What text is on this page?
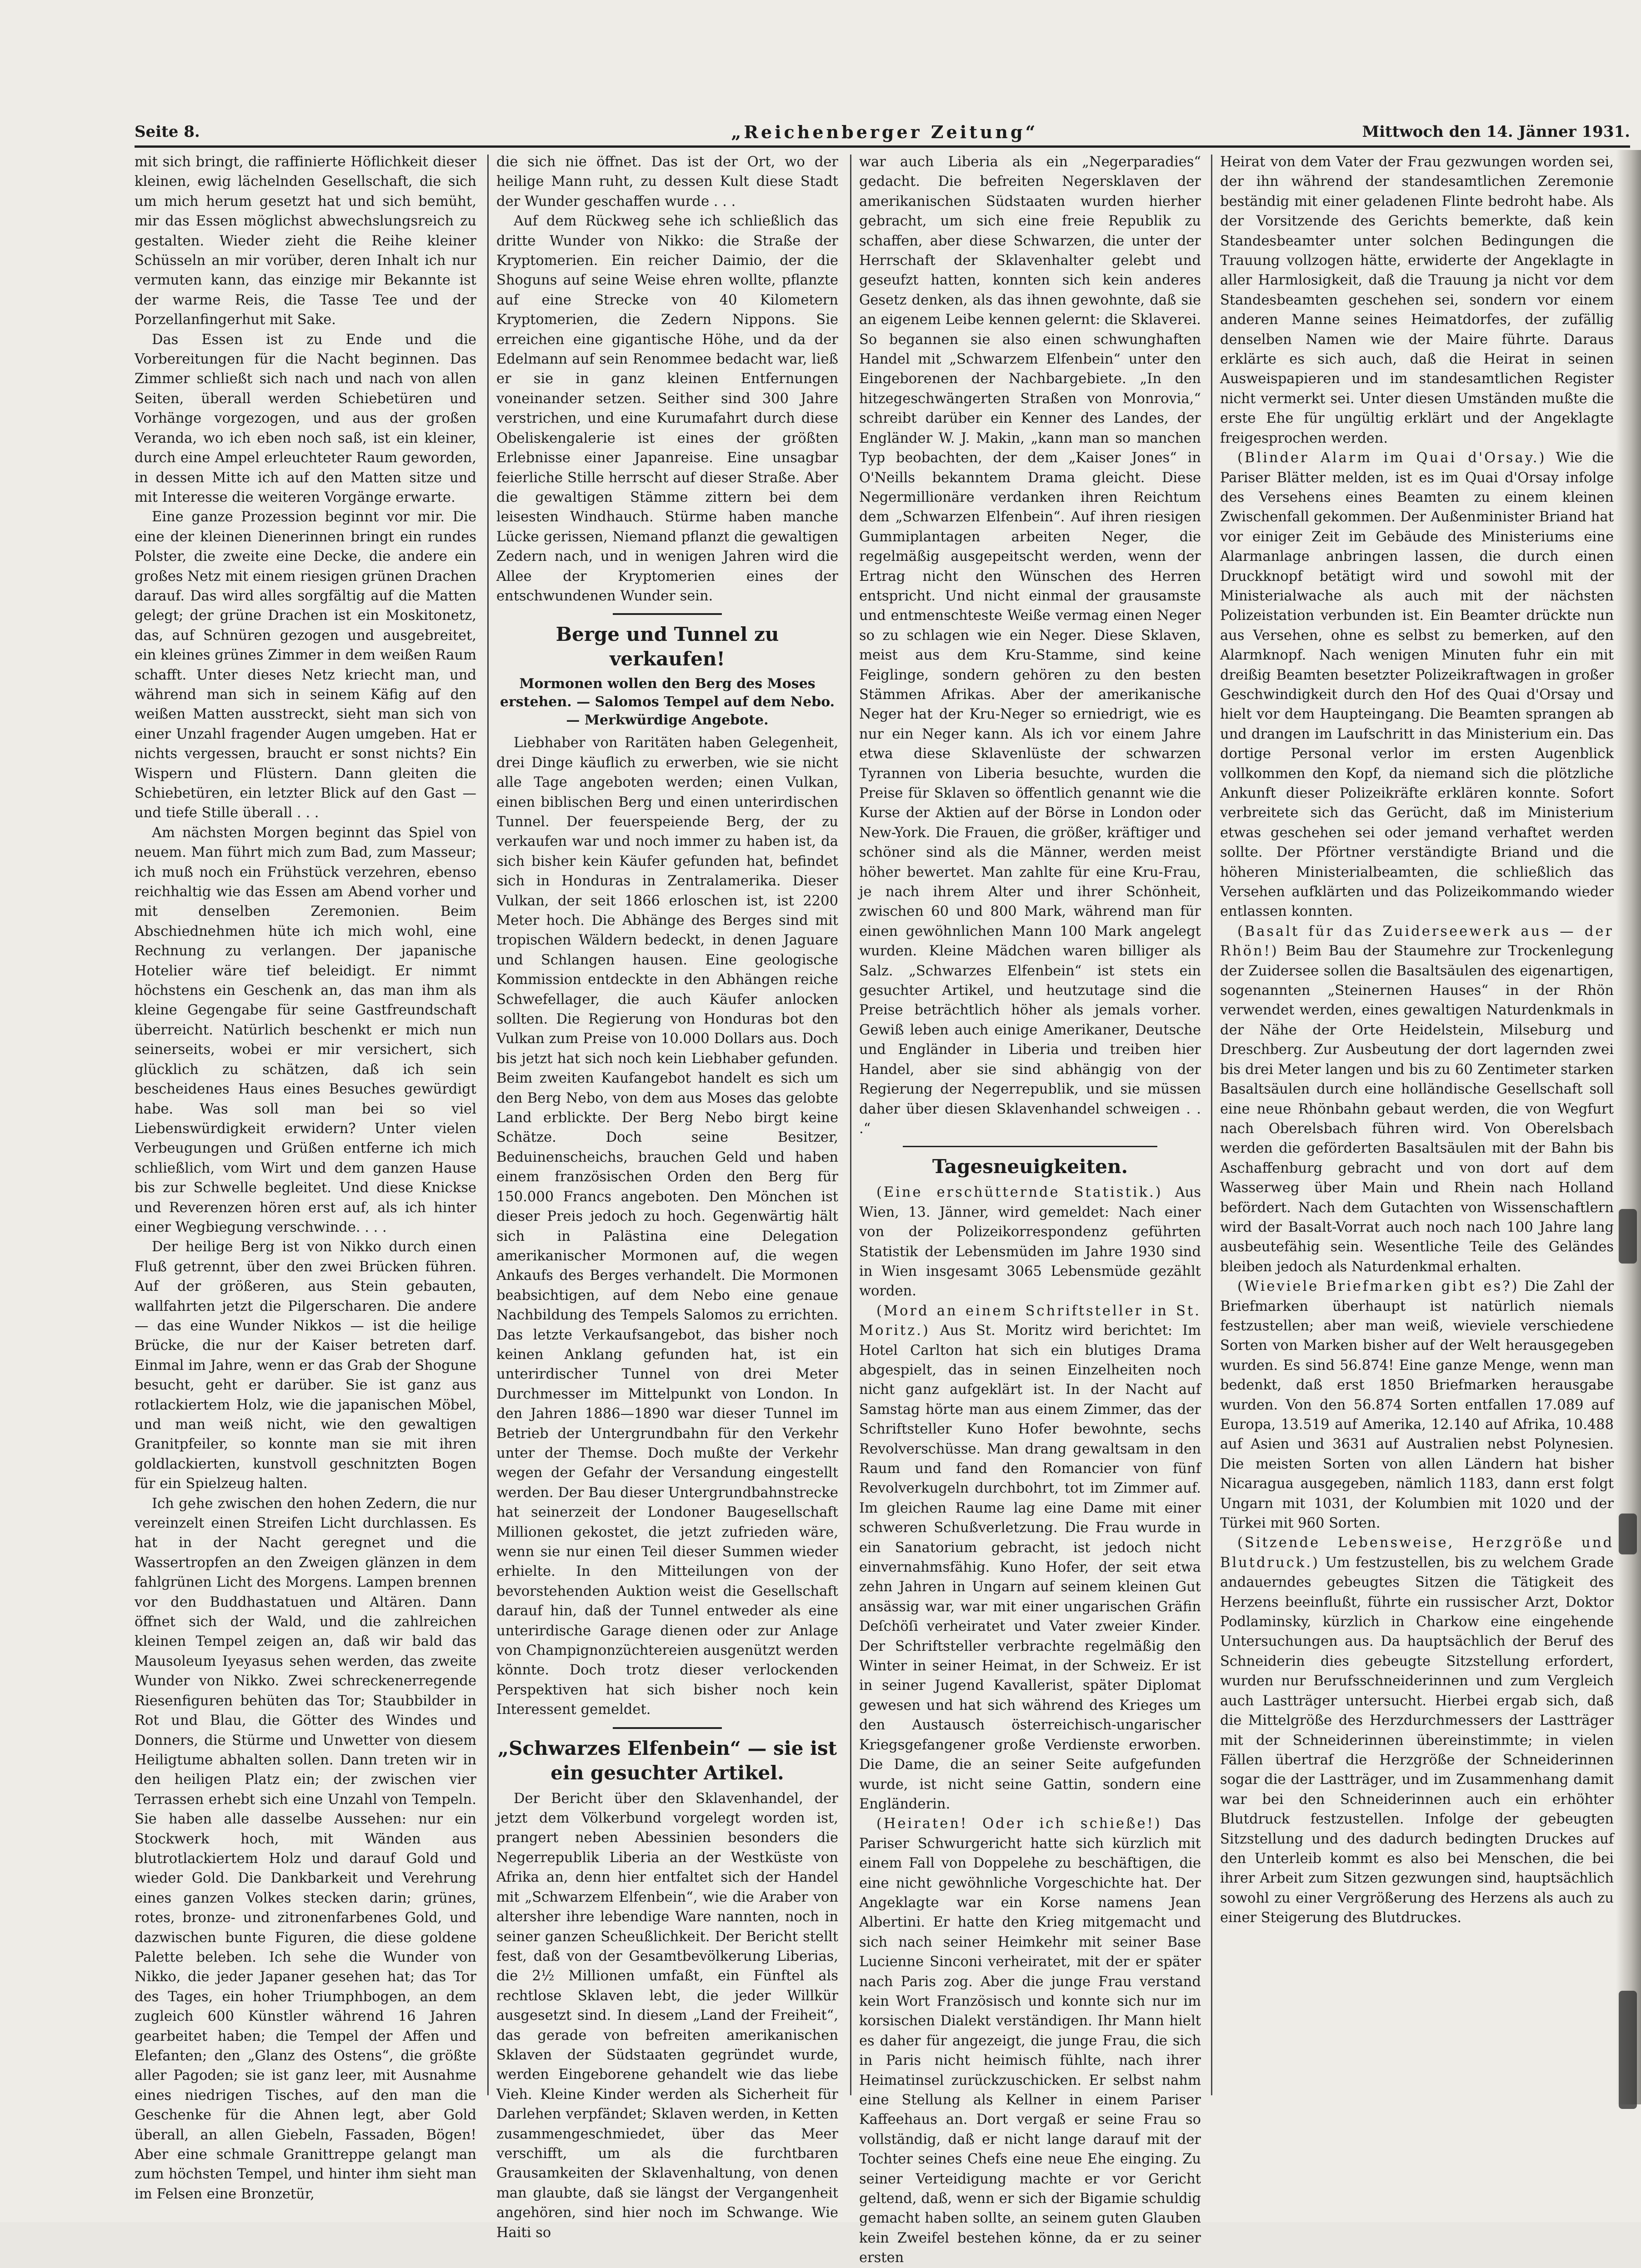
Seite 8.	„Reichenberger Zeitung“	Mittwoch den 14. Jänner 1931.

mit sich bringt, die raffinierte Höflichkeit dieser kleinen, ewig lächelnden Gesellschaft, die sich um mich herum gesetzt hat und sich bemüht, mir das Essen möglichst abwechslungsreich zu gestalten. Wieder zieht die Reihe kleiner Schüsseln an mir vorüber, deren Inhalt ich nur vermuten kann, das einzige mir Bekannte ist der warme Reis, die Tasse Tee und der Porzellanfingerhut mit Sake.

Das Essen ist zu Ende und die Vorbereitungen für die Nacht beginnen. Das Zimmer schließt sich nach und nach von allen Seiten, überall werden Schiebetüren und Vorhänge vorgezogen, und aus der großen Veranda, wo ich eben noch saß, ist ein kleiner, durch eine Ampel erleuchteter Raum geworden, in dessen Mitte ich auf den Matten sitze und mit Interesse die weiteren Vorgänge erwarte.

Eine ganze Prozession beginnt vor mir. Die eine der kleinen Dienerinnen bringt ein rundes Polster, die zweite eine Decke, die andere ein großes Netz mit einem riesigen grünen Drachen darauf. Das wird alles sorgfältig auf die Matten gelegt; der grüne Drachen ist ein Moskitonetz, das, auf Schnüren gezogen und ausgebreitet, ein kleines grünes Zimmer in dem weißen Raum schafft. Unter dieses Netz kriecht man, und während man sich in seinem Käfig auf den weißen Matten ausstreckt, sieht man sich von einer Unzahl fragender Augen umgeben. Hat er nichts vergessen, braucht er sonst nichts? Ein Wispern und Flüstern. Dann gleiten die Schiebetüren, ein letzter Blick auf den Gast — und tiefe Stille überall . . .

Am nächsten Morgen beginnt das Spiel von neuem. Man führt mich zum Bad, zum Masseur; ich muß noch ein Frühstück verzehren, ebenso reichhaltig wie das Essen am Abend vorher und mit denselben Zeremonien. Beim Abschiednehmen hüte ich mich wohl, eine Rechnung zu verlangen. Der japanische Hotelier wäre tief beleidigt. Er nimmt höchstens ein Geschenk an, das man ihm als kleine Gegengabe für seine Gastfreundschaft überreicht. Natürlich beschenkt er mich nun seinerseits, wobei er mir versichert, sich glücklich zu schätzen, daß ich sein bescheidenes Haus eines Besuches gewürdigt habe. Was soll man bei so viel Liebenswürdigkeit erwidern? Unter vielen Verbeugungen und Grüßen entferne ich mich schließlich, vom Wirt und dem ganzen Hause bis zur Schwelle begleitet. Und diese Knickse und Reverenzen hören erst auf, als ich hinter einer Wegbiegung verschwinde. . . .

Der heilige Berg ist von Nikko durch einen Fluß getrennt, über den zwei Brücken führen. Auf der größeren, aus Stein gebauten, wallfahrten jetzt die Pilgerscharen. Die andere — das eine Wunder Nikkos — ist die heilige Brücke, die nur der Kaiser betreten darf. Einmal im Jahre, wenn er das Grab der Shogune besucht, geht er darüber. Sie ist ganz aus rotlackiertem Holz, wie die japanischen Möbel, und man weiß nicht, wie den gewaltigen Granitpfeiler, so konnte man sie mit ihren goldlackierten, kunstvoll geschnitzten Bogen für ein Spielzeug halten.

Ich gehe zwischen den hohen Zedern, die nur vereinzelt einen Streifen Licht durchlassen. Es hat in der Nacht geregnet und die Wassertropfen an den Zweigen glänzen in dem fahlgrünen Licht des Morgens. Lampen brennen vor den Buddhastatuen und Altären. Dann öffnet sich der Wald, und die zahlreichen kleinen Tempel zeigen an, daß wir bald das Mausoleum Iyeyasus sehen werden, das zweite Wunder von Nikko. Zwei schreckenerregende Riesenfiguren behüten das Tor; Staubbilder in Rot und Blau, die Götter des Windes und Donners, die Stürme und Unwetter von diesem Heiligtume abhalten sollen. Dann treten wir in den heiligen Platz ein; der zwischen vier Terrassen erhebt sich eine Unzahl von Tempeln. Sie haben alle dasselbe Aussehen: nur ein Stockwerk hoch, mit Wänden aus blutrotlackiertem Holz und darauf Gold und wieder Gold. Die Dankbarkeit und Verehrung eines ganzen Volkes stecken darin; grünes, rotes, bronze- und zitronenfarbenes Gold, und dazwischen bunte Figuren, die diese goldene Palette beleben. Ich sehe die Wunder von Nikko, die jeder Japaner gesehen hat; das Tor des Tages, ein hoher Triumphbogen, an dem zugleich 600 Künstler während 16 Jahren gearbeitet haben; die Tempel der Affen und Elefanten; den „Glanz des Ostens“, die größte aller Pagoden; sie ist ganz leer, mit Ausnahme eines niedrigen Tisches, auf den man die Geschenke für die Ahnen legt, aber Gold überall, an allen Giebeln, Fassaden, Bögen! Aber eine schmale Granittreppe gelangt man zum höchsten Tempel, und hinter ihm sieht man im Felsen eine Bronzetür,

die sich nie öffnet. Das ist der Ort, wo der heilige Mann ruht, zu dessen Kult diese Stadt der Wunder geschaffen wurde . . .

Auf dem Rückweg sehe ich schließlich das dritte Wunder von Nikko: die Straße der Kryptomerien. Ein reicher Daimio, der die Shoguns auf seine Weise ehren wollte, pflanzte auf eine Strecke von 40 Kilometern Kryptomerien, die Zedern Nippons. Sie erreichen eine gigantische Höhe, und da der Edelmann auf sein Renommee bedacht war, ließ er sie in ganz kleinen Entfernungen voneinander setzen. Seither sind 300 Jahre verstrichen, und eine Kurumafahrt durch diese Obeliskengalerie ist eines der größten Erlebnisse einer Japanreise. Eine unsagbar feierliche Stille herrscht auf dieser Straße. Aber die gewaltigen Stämme zittern bei dem leisesten Windhauch. Stürme haben manche Lücke gerissen, Niemand pflanzt die gewaltigen Zedern nach, und in wenigen Jahren wird die Allee der Kryptomerien eines der entschwundenen Wunder sein.

Berge und Tunnel zu verkaufen!
Mormonen wollen den Berg des Moses erstehen. — Salomos Tempel auf dem Nebo. — Merkwürdige Angebote.

Liebhaber von Raritäten haben Gelegenheit, drei Dinge käuflich zu erwerben, wie sie nicht alle Tage angeboten werden; einen Vulkan, einen biblischen Berg und einen unterirdischen Tunnel. Der feuerspeiende Berg, der zu verkaufen war und noch immer zu haben ist, da sich bisher kein Käufer gefunden hat, befindet sich in Honduras in Zentralamerika. Dieser Vulkan, der seit 1866 erloschen ist, ist 2200 Meter hoch. Die Abhänge des Berges sind mit tropischen Wäldern bedeckt, in denen Jaguare und Schlangen hausen. Eine geologische Kommission entdeckte in den Abhängen reiche Schwefellager, die auch Käufer anlocken sollten. Die Regierung von Honduras bot den Vulkan zum Preise von 10.000 Dollars aus. Doch bis jetzt hat sich noch kein Liebhaber gefunden. Beim zweiten Kaufangebot handelt es sich um den Berg Nebo, von dem aus Moses das gelobte Land erblickte. Der Berg Nebo birgt keine Schätze. Doch seine Besitzer, Beduinenscheichs, brauchen Geld und haben einem französischen Orden den Berg für 150.000 Francs angeboten. Den Mönchen ist dieser Preis jedoch zu hoch. Gegenwärtig hält sich in Palästina eine Delegation amerikanischer Mormonen auf, die wegen Ankaufs des Berges verhandelt. Die Mormonen beabsichtigen, auf dem Nebo eine genaue Nachbildung des Tempels Salomos zu errichten. Das letzte Verkaufsangebot, das bisher noch keinen Anklang gefunden hat, ist ein unterirdischer Tunnel von drei Meter Durchmesser im Mittelpunkt von London. In den Jahren 1886—1890 war dieser Tunnel im Betrieb der Untergrundbahn für den Verkehr unter der Themse. Doch mußte der Verkehr wegen der Gefahr der Versandung eingestellt werden. Der Bau dieser Untergrundbahnstrecke hat seinerzeit der Londoner Baugesellschaft Millionen gekostet, die jetzt zufrieden wäre, wenn sie nur einen Teil dieser Summen wieder erhielte. In den Mitteilungen von der bevorstehenden Auktion weist die Gesellschaft darauf hin, daß der Tunnel entweder als eine unterirdische Garage dienen oder zur Anlage von Champignonzüchtereien ausgenützt werden könnte. Doch trotz dieser verlockenden Perspektiven hat sich bisher noch kein Interessent gemeldet.

„Schwarzes Elfenbein“ — sie ist ein gesuchter Artikel.

Der Bericht über den Sklavenhandel, der jetzt dem Völkerbund vorgelegt worden ist, prangert neben Abessinien besonders die Negerrepublik Liberia an der Westküste von Afrika an, denn hier entfaltet sich der Handel mit „Schwarzem Elfenbein“, wie die Araber von altersher ihre lebendige Ware nannten, noch in seiner ganzen Scheußlichkeit. Der Bericht stellt fest, daß von der Gesamtbevölkerung Liberias, die 2½ Millionen umfaßt, ein Fünftel als rechtlose Sklaven lebt, die jeder Willkür ausgesetzt sind. In diesem „Land der Freiheit“, das gerade von befreiten amerikanischen Sklaven der Südstaaten gegründet wurde, werden Eingeborene gehandelt wie das liebe Vieh. Kleine Kinder werden als Sicherheit für Darlehen verpfändet; Sklaven werden, in Ketten zusammengeschmiedet, über das Meer verschifft, um als die furchtbaren Grausamkeiten der Sklavenhaltung, von denen man glaubte, daß sie längst der Vergangenheit angehören, sind hier noch im Schwange. Wie Haiti so

war auch Liberia als ein „Negerparadies“ gedacht. Die befreiten Negersklaven der amerikanischen Südstaaten wurden hierher gebracht, um sich eine freie Republik zu schaffen, aber diese Schwarzen, die unter der Herrschaft der Sklavenhalter gelebt und geseufzt hatten, konnten sich kein anderes Gesetz denken, als das ihnen gewohnte, daß sie an eigenem Leibe kennen gelernt: die Sklaverei. So begannen sie also einen schwunghaften Handel mit „Schwarzem Elfenbein“ unter den Eingeborenen der Nachbargebiete. „In den hitzegeschwängerten Straßen von Monrovia,“ schreibt darüber ein Kenner des Landes, der Engländer W. J. Makin, „kann man so manchen Typ beobachten, der dem „Kaiser Jones“ in O'Neills bekanntem Drama gleicht. Diese Negermillionäre verdanken ihren Reichtum dem „Schwarzen Elfenbein“. Auf ihren riesigen Gummiplantagen arbeiten Neger, die regelmäßig ausgepeitscht werden, wenn der Ertrag nicht den Wünschen des Herren entspricht. Und nicht einmal der grausamste und entmenschteste Weiße vermag einen Neger so zu schlagen wie ein Neger. Diese Sklaven, meist aus dem Kru-Stamme, sind keine Feiglinge, sondern gehören zu den besten Stämmen Afrikas. Aber der amerikanische Neger hat der Kru-Neger so erniedrigt, wie es nur ein Neger kann. Als ich vor einem Jahre etwa diese Sklavenlüste der schwarzen Tyrannen von Liberia besuchte, wurden die Preise für Sklaven so öffentlich genannt wie die Kurse der Aktien auf der Börse in London oder New-York. Die Frauen, die größer, kräftiger und schöner sind als die Männer, werden meist höher bewertet. Man zahlte für eine Kru-Frau, je nach ihrem Alter und ihrer Schönheit, zwischen 60 und 800 Mark, während man für einen gewöhnlichen Mann 100 Mark angelegt wurden. Kleine Mädchen waren billiger als Salz. „Schwarzes Elfenbein“ ist stets ein gesuchter Artikel, und heutzutage sind die Preise beträchtlich höher als jemals vorher. Gewiß leben auch einige Amerikaner, Deutsche und Engländer in Liberia und treiben hier Handel, aber sie sind abhängig von der Regierung der Negerrepublik, und sie müssen daher über diesen Sklavenhandel schweigen . . .“

Tagesneuigkeiten.

(Eine erschütternde Statistik.) Aus Wien, 13. Jänner, wird gemeldet: Nach einer von der Polizeikorrespondenz geführten Statistik der Lebensmüden im Jahre 1930 sind in Wien insgesamt 3065 Lebensmüde gezählt worden.

(Mord an einem Schriftsteller in St. Moritz.) Aus St. Moritz wird berichtet: Im Hotel Carlton hat sich ein blutiges Drama abgespielt, das in seinen Einzelheiten noch nicht ganz aufgeklärt ist. In der Nacht auf Samstag hörte man aus einem Zimmer, das der Schriftsteller Kuno Hofer bewohnte, sechs Revolverschüsse. Man drang gewaltsam in den Raum und fand den Romancier von fünf Revolverkugeln durchbohrt, tot im Zimmer auf. Im gleichen Raume lag eine Dame mit einer schweren Schußverletzung. Die Frau wurde in ein Sanatorium gebracht, ist jedoch nicht einvernahmsfähig. Kuno Hofer, der seit etwa zehn Jahren in Ungarn auf seinem kleinen Gut ansässig war, war mit einer ungarischen Gräfin Deſchöſi verheiratet und Vater zweier Kinder. Der Schriftsteller verbrachte regelmäßig den Winter in seiner Heimat, in der Schweiz. Er ist in seiner Jugend Kavallerist, später Diplomat gewesen und hat sich während des Krieges um den Austausch österreichisch-ungarischer Kriegsgefangener große Verdienste erworben. Die Dame, die an seiner Seite aufgefunden wurde, ist nicht seine Gattin, sondern eine Engländerin.

(Heiraten! Oder ich schieße!) Das Pariser Schwurgericht hatte sich kürzlich mit einem Fall von Doppelehe zu beschäftigen, die eine nicht gewöhnliche Vorgeschichte hat. Der Angeklagte war ein Korse namens Jean Albertini. Er hatte den Krieg mitgemacht und sich nach seiner Heimkehr mit seiner Base Lucienne Sinconi verheiratet, mit der er später nach Paris zog. Aber die junge Frau verstand kein Wort Französisch und konnte sich nur im korsischen Dialekt verständigen. Ihr Mann hielt es daher für angezeigt, die junge Frau, die sich in Paris nicht heimisch fühlte, nach ihrer Heimatinsel zurückzuschicken. Er selbst nahm eine Stellung als Kellner in einem Pariser Kaffeehaus an. Dort vergaß er seine Frau so vollständig, daß er nicht lange darauf mit der Tochter seines Chefs eine neue Ehe einging. Zu seiner Verteidigung machte er vor Gericht geltend, daß, wenn er sich der Bigamie schuldig gemacht haben sollte, an seinem guten Glauben kein Zweifel bestehen könne, da er zu seiner ersten

Heirat von dem Vater der Frau gezwungen worden sei, der ihn während der standesamtlichen Zeremonie beständig mit einer geladenen Flinte bedroht habe. Als der Vorsitzende des Gerichts bemerkte, daß kein Standesbeamter unter solchen Bedingungen die Trauung vollzogen hätte, erwiderte der Angeklagte in aller Harmlosigkeit, daß die Trauung ja nicht vor dem Standesbeamten geschehen sei, sondern vor einem anderen Manne seines Heimatdorfes, der zufällig denselben Namen wie der Maire führte. Daraus erklärte es sich auch, daß die Heirat in seinen Ausweispapieren und im standesamtlichen Register nicht vermerkt sei. Unter diesen Umständen mußte die erste Ehe für ungültig erklärt und der Angeklagte freigesprochen werden.

(Blinder Alarm im Quai d'Orsay.) Wie die Pariser Blätter melden, ist es im Quai d'Orsay infolge des Versehens eines Beamten zu einem kleinen Zwischenfall gekommen. Der Außenminister Briand hat vor einiger Zeit im Gebäude des Ministeriums eine Alarmanlage anbringen lassen, die durch einen Druckknopf betätigt wird und sowohl mit der Ministerialwache als auch mit der nächsten Polizeistation verbunden ist. Ein Beamter drückte nun aus Versehen, ohne es selbst zu bemerken, auf den Alarmknopf. Nach wenigen Minuten fuhr ein mit dreißig Beamten besetzter Polizeikraftwagen in großer Geschwindigkeit durch den Hof des Quai d'Orsay und hielt vor dem Haupteingang. Die Beamten sprangen ab und drangen im Laufschritt in das Ministerium ein. Das dortige Personal verlor im ersten Augenblick vollkommen den Kopf, da niemand sich die plötzliche Ankunft dieser Polizeikräfte erklären konnte. Sofort verbreitete sich das Gerücht, daß im Ministerium etwas geschehen sei oder jemand verhaftet werden sollte. Der Pförtner verständigte Briand und die höheren Ministerialbeamten, die schließlich das Versehen aufklärten und das Polizeikommando wieder entlassen konnten.

(Basalt für das Zuiderseewerk aus — der Rhön!) Beim Bau der Staumehre zur Trockenlegung der Zuidersee sollen die Basaltsäulen des eigenartigen, sogenannten „Steinernen Hauses“ in der Rhön verwendet werden, eines gewaltigen Naturdenkmals in der Nähe der Orte Heidelstein, Milseburg und Dreschberg. Zur Ausbeutung der dort lagernden zwei bis drei Meter langen und bis zu 60 Zentimeter starken Basaltsäulen durch eine holländische Gesellschaft soll eine neue Rhönbahn gebaut werden, die von Wegfurt nach Oberelsbach führen wird. Von Oberelsbach werden die geförderten Basaltsäulen mit der Bahn bis Aschaffenburg gebracht und von dort auf dem Wasserweg über Main und Rhein nach Holland befördert. Nach dem Gutachten von Wissenschaftlern wird der Basalt-Vorrat auch noch nach 100 Jahre lang ausbeutefähig sein. Wesentliche Teile des Geländes bleiben jedoch als Naturdenkmal erhalten.

(Wieviele Briefmarken gibt es?) Die Zahl der Briefmarken überhaupt ist natürlich niemals festzustellen; aber man weiß, wieviele verschiedene Sorten von Marken bisher auf der Welt herausgegeben wurden. Es sind 56.874! Eine ganze Menge, wenn man bedenkt, daß erst 1850 Briefmarken herausgabe wurden. Von den 56.874 Sorten entfallen 17.089 auf Europa, 13.519 auf Amerika, 12.140 auf Afrika, 10.488 auf Asien und 3631 auf Australien nebst Polynesien. Die meisten Sorten von allen Ländern hat bisher Nicaragua ausgegeben, nämlich 1183, dann erst folgt Ungarn mit 1031, der Kolumbien mit 1020 und der Türkei mit 960 Sorten.

(Sitzende Lebensweise, Herzgröße und Blutdruck.) Um festzustellen, bis zu welchem Grade andauerndes gebeugtes Sitzen die Tätigkeit des Herzens beeinflußt, führte ein russischer Arzt, Doktor Podlaminsky, kürzlich in Charkow eine eingehende Untersuchungen aus. Da hauptsächlich der Beruf des Schneiderin dies gebeugte Sitzstellung erfordert, wurden nur Berufsschneiderinnen und zum Vergleich auch Lastträger untersucht. Hierbei ergab sich, daß die Mittelgröße des Herzdurchmessers der Lastträger mit der Schneiderinnen übereinstimmte; in vielen Fällen übertraf die Herzgröße der Schneiderinnen sogar die der Lastträger, und im Zusammenhang damit war bei den Schneiderinnen auch ein erhöhter Blutdruck festzustellen. Infolge der gebeugten Sitzstellung und des dadurch bedingten Druckes auf den Unterleib kommt es also bei Menschen, die bei ihrer Arbeit zum Sitzen gezwungen sind, hauptsächlich sowohl zu einer Vergrößerung des Herzens als auch zu einer Steigerung des Blutdruckes.
